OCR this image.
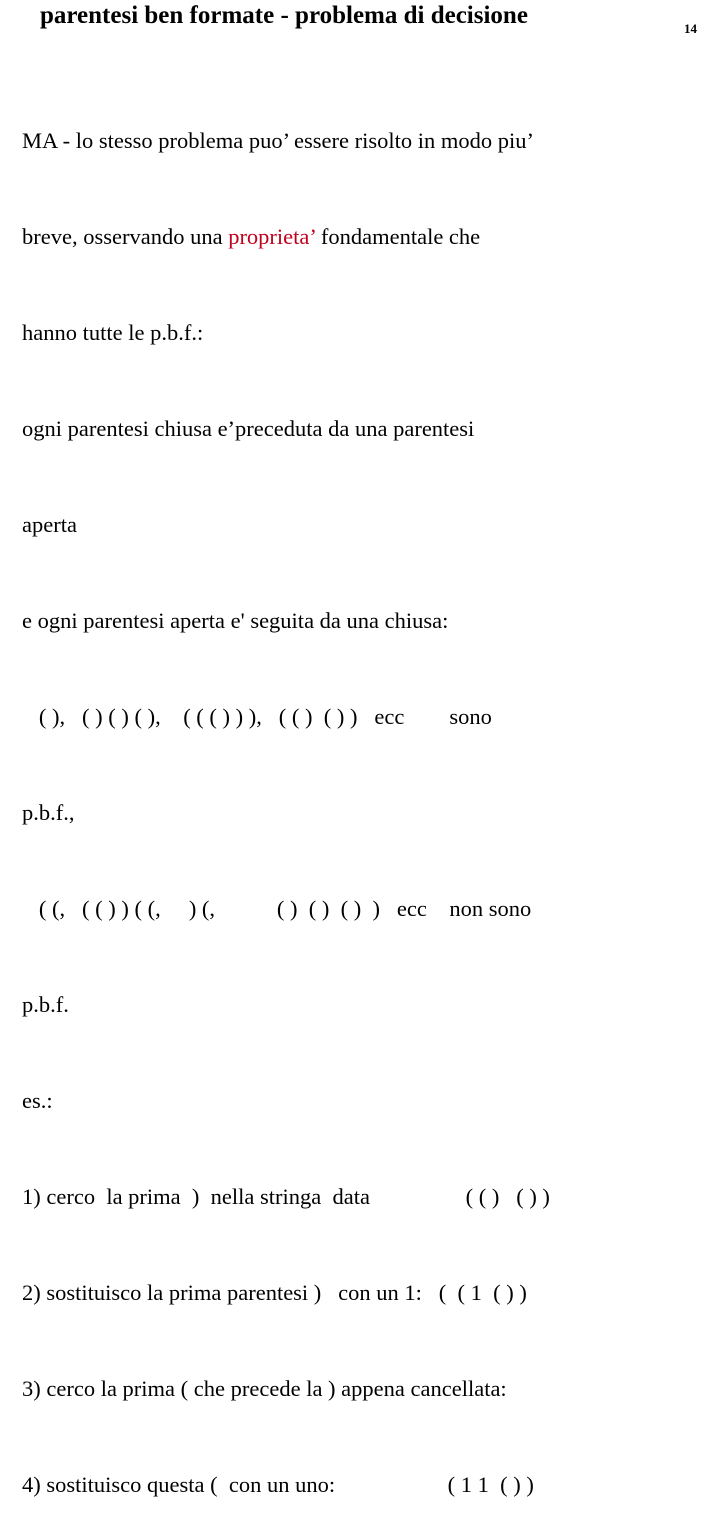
parentesi ben formate - problema di decisione	14

MA - lo stesso problema puo’ essere risolto in modo piu’

breve, osservando una proprieta’ fondamentale che

hanno tutte le p.b.f.:

ogni parentesi chiusa e’preceduta da una parentesi

aperta

e ogni parentesi aperta e' seguita da una chiusa:

( ),   ( ) ( ) ( ),    ( ( ( ) ) ),   ( ( )  ( ) )   ecc        sono

p.b.f.,

( (,   ( ( ) ) ( (,     ) (,           ( )  ( )  ( )  )   ecc    non sono

p.b.f.

es.:

1) cerco  la prima  )  nella stringa  data                 ( ( )   ( ) )

2) sostituisco la prima parentesi )   con un 1:   (  ( 1  ( ) )

3) cerco la prima ( che precede la ) appena cancellata:

4) sostituisco questa (  con un uno:                    ( 1 1  ( ) )
